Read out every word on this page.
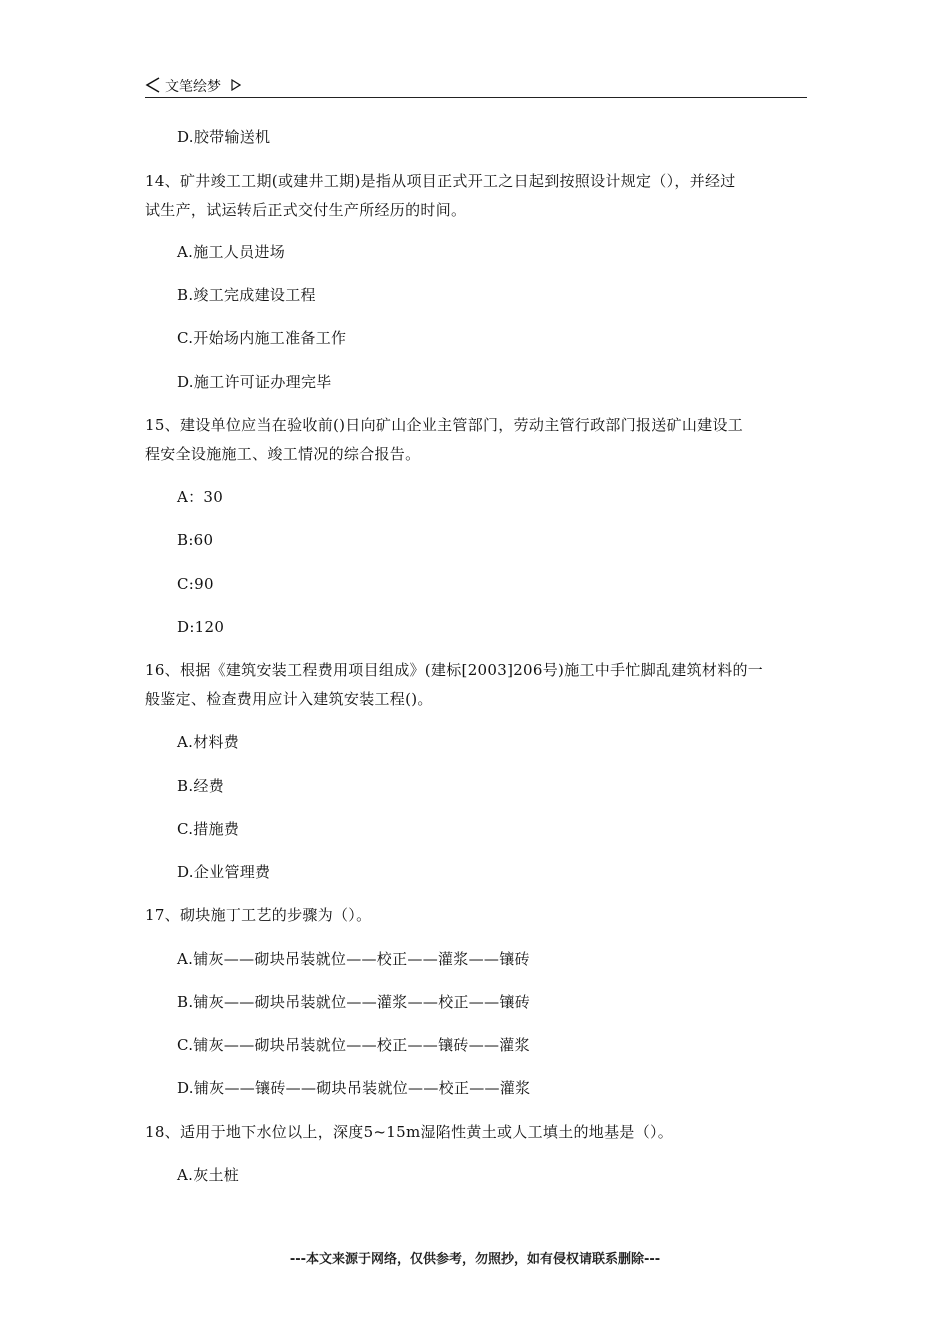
文笔绘梦
D.胶带输送机
14、矿井竣工工期(或建井工期)是指从项目正式开工之日起到按照设计规定（），并经过
试生产，试运转后正式交付生产所经历的时间。
A.施工人员进场
B.竣工完成建设工程
C.开始场内施工准备工作
D.施工许可证办理完毕
15、建设单位应当在验收前()日向矿山企业主管部门，劳动主管行政部门报送矿山建设工
程安全设施施工、竣工情况的综合报告。
A：30
B:60
C:90
D:120
16、根据《建筑安装工程费用项目组成》(建标[2003]206号)施工中手忙脚乱建筑材料的一
般鉴定、检查费用应计入建筑安装工程()。
A.材料费
B.经费
C.措施费
D.企业管理费
17、砌块施丁工艺的步骤为（）。
A.铺灰——砌块吊装就位——校正——灌浆——镶砖
B.铺灰——砌块吊装就位——灌浆——校正——镶砖
C.铺灰——砌块吊装就位——校正——镶砖——灌浆
D.铺灰——镶砖——砌块吊装就位——校正——灌浆
18、适用于地下水位以上，深度5~15m湿陷性黄土或人工填土的地基是（）。
A.灰土桩
---本文来源于网络，仅供参考，勿照抄，如有侵权请联系删除---
